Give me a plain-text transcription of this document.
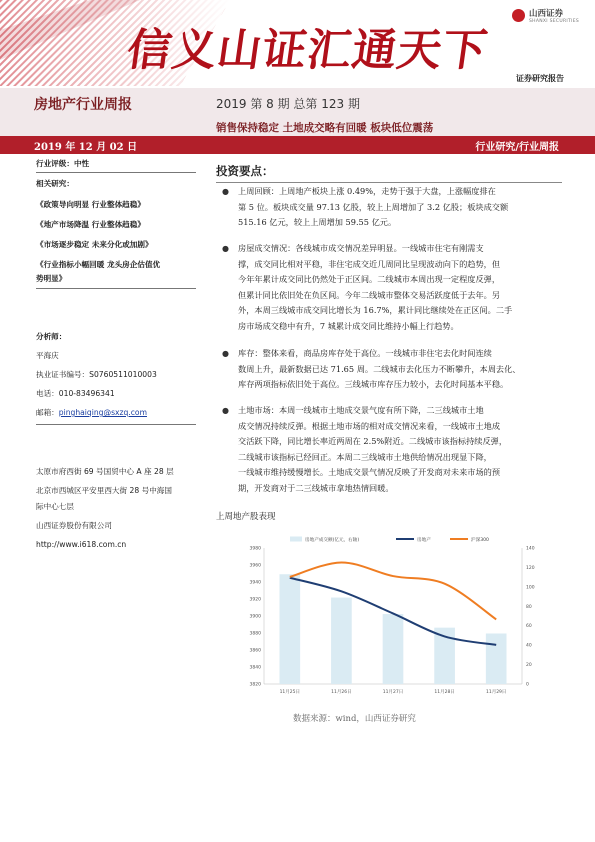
信义山证汇通天下
山西证券
SHANXI SECURITIES
证券研究报告
房地产行业周报	2019 第 8 期 总第 123 期
销售保持稳定 土地成交略有回暖 板块低位震荡
2019 年 12 月 02 日	行业研究/行业周报
行业评级：中性
相关研究：
《政策导向明显 行业整体趋稳》
《地产市场降温 行业整体趋稳》
《市场逐步稳定 未来分化或加剧》
《行业指标小幅回暖 龙头房企估值优
势明显》
分析师：
平海庆
执业证书编号：S0760511010003
电话：010-83496341
邮箱：pinghaiqing@sxzq.com
太原市府西街 69 号国贸中心 A 座 28 层
北京市西城区平安里西大街 28 号中海国
际中心七层
山西证券股份有限公司
http://www.i618.com.cn
投资要点：
●	上周回顾：上周地产板块上涨 0.49%，走势于强于大盘，上涨幅度排在
第 5 位。板块成交量 97.13 亿股，较上上周增加了 3.2 亿股；板块成交额
515.16 亿元，较上上周增加 59.55 亿元。
●	房屋成交情况：各线城市成交情况差异明显。一线城市住宅有刚需支
撑，成交同比相对平稳，非住宅成交近几周同比呈现波动向下的趋势，但
今年年累计成交同比仍然处于正区间。二线城市本周出现一定程度反弹，
但累计同比依旧处在负区间。今年二线城市整体交易活跃度低于去年。另
外，本周三线城市成交同比增长为 16.7%，累计同比继续处在正区间。二手
房市场成交稳中有升，7 城累计成交同比维持小幅上行趋势。
●	库存：整体来看，商品房库存处于高位。一线城市非住宅去化时间连续
数周上升，最新数据已达 71.65 周。二线城市去化压力不断攀升，本周去化、
库存两项指标依旧处于高位。三线城市库存压力较小，去化时间基本平稳。
●	土地市场：本周一线城市土地成交景气度有所下降，二三线城市土地
成交情况持续反弹。根据土地市场的相对成交情况来看，一线城市土地成
交活跃下降，同比增长率近两周在 2.5%附近。二线城市该指标持续反弹，
二线城市该指标已经回正。本周二三线城市土地供给情况出现显下降，
一线城市维持缓慢增长。土地成交景气情况反映了开发商对未来市场的预
期，开发商对于二三线城市拿地热情回暖。
上周地产股表现
3980
3960
3940
3920
3900
3880
3860
3840
3820
140
120
100
80
60
40
20
0
11月25日	11月26日	11月27日	11月28日	11月29日
房地产成交额(亿元，右轴)	房地产	沪深300
数据来源：wind，山西证券研究
